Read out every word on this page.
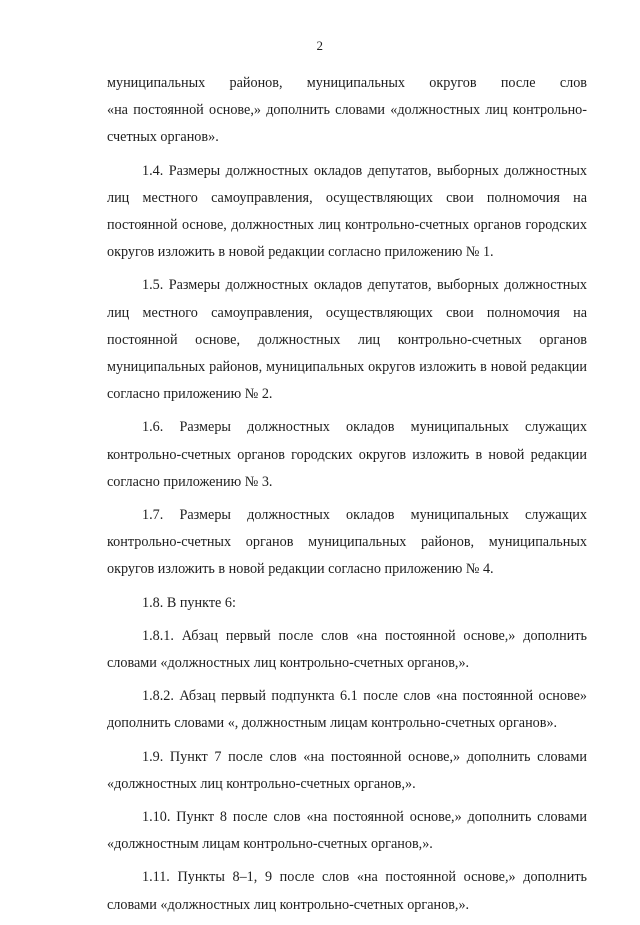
2
муниципальных районов, муниципальных округов после слов
«на постоянной основе,» дополнить словами «должностных лиц контрольно-счетных органов».

1.4. Размеры должностных окладов депутатов, выборных должностных лиц местного самоуправления, осуществляющих свои полномочия на постоянной основе, должностных лиц контрольно-счетных органов городских округов изложить в новой редакции согласно приложению № 1.

1.5. Размеры должностных окладов депутатов, выборных должностных лиц местного самоуправления, осуществляющих свои полномочия на постоянной основе, должностных лиц контрольно-счетных органов муниципальных районов, муниципальных округов изложить в новой редакции согласно приложению № 2.

1.6. Размеры должностных окладов муниципальных служащих контрольно-счетных органов городских округов изложить в новой редакции согласно приложению № 3.

1.7. Размеры должностных окладов муниципальных служащих контрольно-счетных органов муниципальных районов, муниципальных округов изложить в новой редакции согласно приложению № 4.

1.8. В пункте 6:

1.8.1. Абзац первый после слов «на постоянной основе,» дополнить словами «должностных лиц контрольно-счетных органов,».

1.8.2. Абзац первый подпункта 6.1 после слов «на постоянной основе» дополнить словами «, должностным лицам контрольно-счетных органов».

1.9. Пункт 7 после слов «на постоянной основе,» дополнить словами «должностных лиц контрольно-счетных органов,».

1.10. Пункт 8 после слов «на постоянной основе,» дополнить словами «должностным лицам контрольно-счетных органов,».

1.11. Пункты 8–1, 9 после слов «на постоянной основе,» дополнить словами «должностных лиц контрольно-счетных органов,».
